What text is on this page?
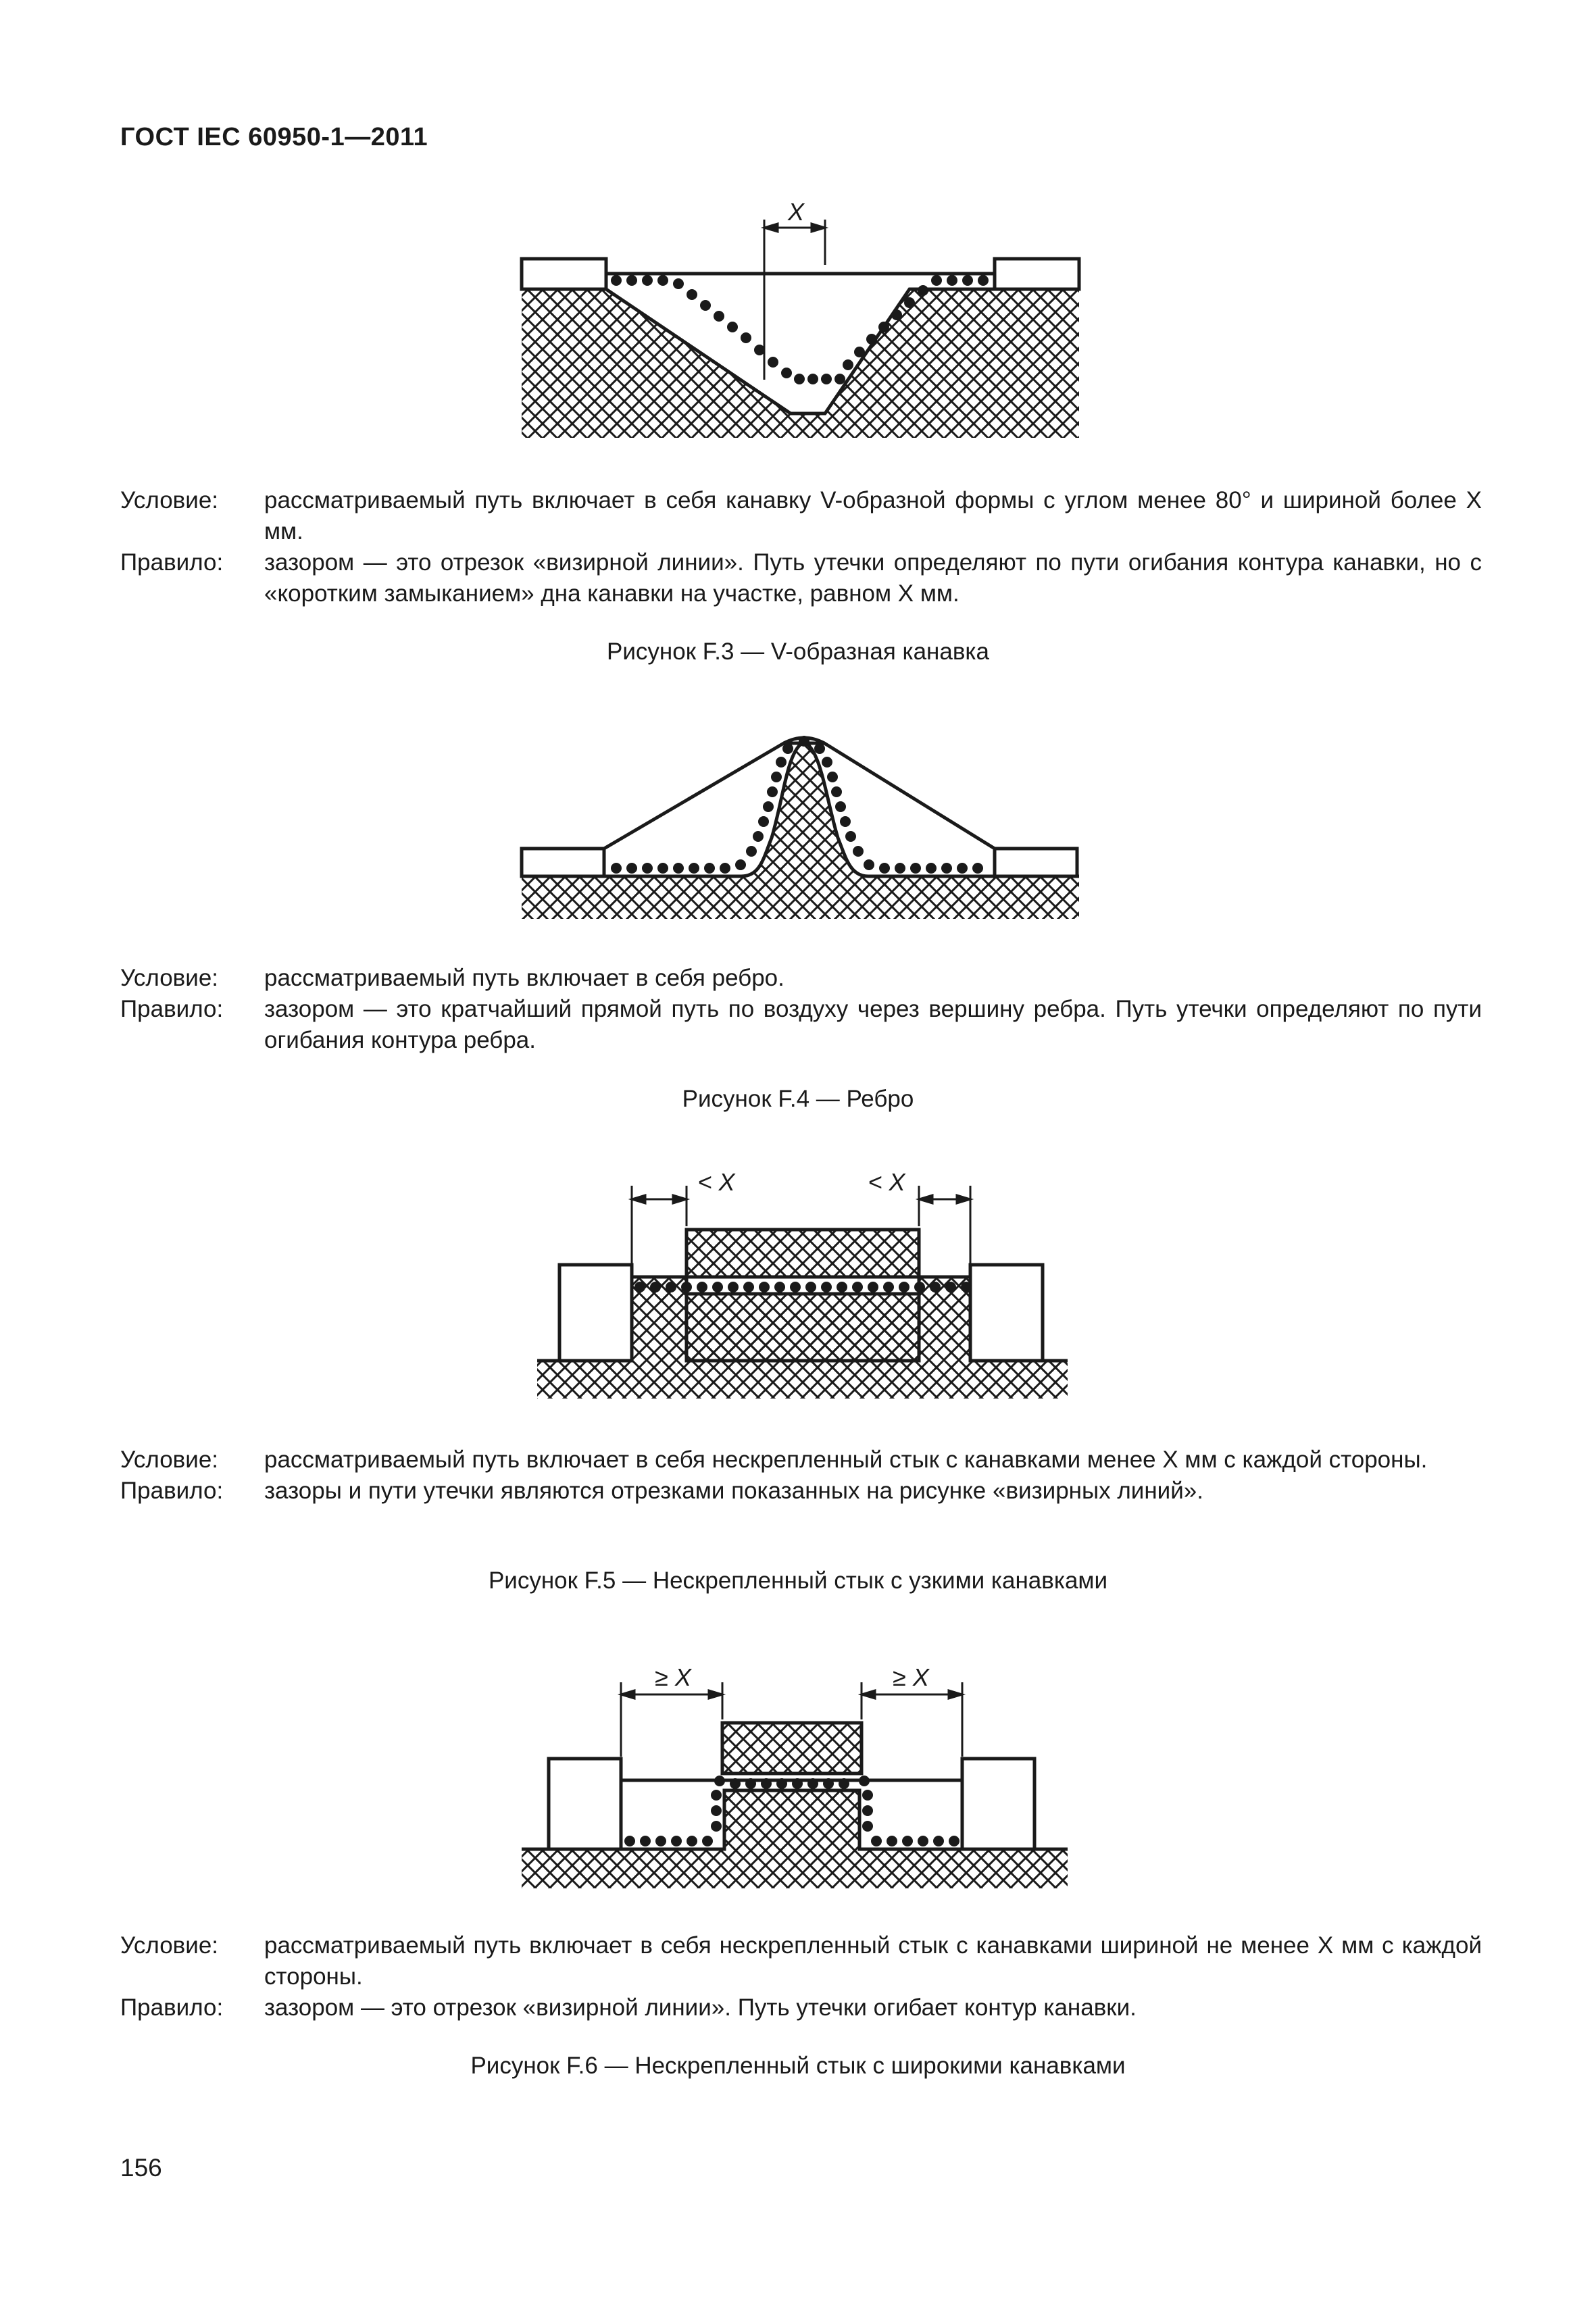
ГОСТ IEC 60950-1—2011
X
Условие:	рассматриваемый путь включает в себя канавку V-образной формы с углом менее 80° и шириной более X мм.
Правило:	зазором — это отрезок «визирной линии». Путь утечки определяют по пути огибания контура канавки, но с «коротким замыканием» дна канавки на участке, равном X мм.
Рисунок F.3 — V-образная канавка
Условие:	рассматриваемый путь включает в себя ребро.
Правило:	зазором — это кратчайший прямой путь по воздуху через вершину ребра. Путь утечки определяют по пути огибания контура ребра.
Рисунок F.4 — Ребро
< X	< X
Условие:	рассматриваемый путь включает в себя нескрепленный стык с канавками менее X мм с каждой стороны.
Правило:	зазоры и пути утечки являются отрезками показанных на рисунке «визирных линий».
Рисунок F.5 — Нескрепленный стык с узкими канавками
≥ X	≥ X
Условие:	рассматриваемый путь включает в себя нескрепленный стык с канавками шириной не менее X мм с каждой стороны.
Правило:	зазором — это отрезок «визирной линии». Путь утечки огибает контур канавки.
Рисунок F.6 — Нескрепленный стык с широкими канавками
156
